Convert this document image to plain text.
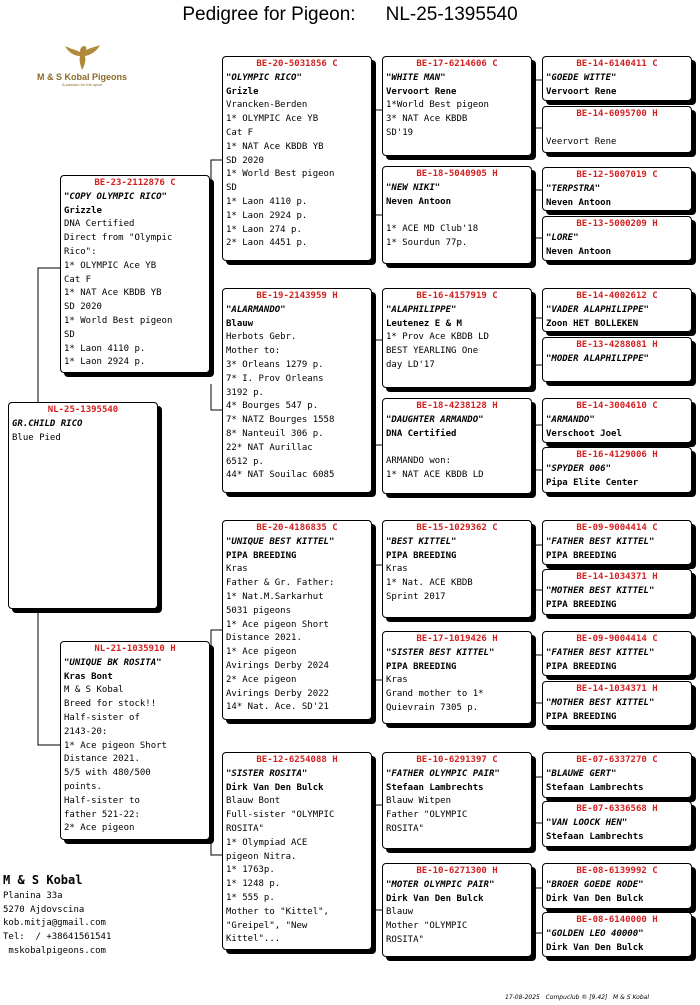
Pedigree for Pigeon: NL-25-1395540
M & S Kobal Pigeons
A passion for the sport
NL-25-1395540
GR.CHILD RICO
Blue Pied
BE-23-2112876 C
"COPY OLYMPIC RICO"
Grizzle
DNA Certified
Direct from "Olympic
Rico":
1* OLYMPIC Ace YB
Cat F
1* NAT Ace KBDB YB
SD 2020
1* World Best pigeon
SD
1* Laon 4110 p.
1* Laon 2924 p.
NL-21-1035910 H
"UNIQUE BK ROSITA"
Kras Bont
M & S Kobal
Breed for stock!!
Half-sister of
2143-20:
1* Ace pigeon Short
Distance 2021.
5/5 with 480/500
points.
Half-sister to
father 521-22:
2* Ace pigeon
BE-20-5031856 C
"OLYMPIC RICO"
Grizle
Vrancken-Berden
1* OLYMPIC Ace YB
Cat F
1* NAT Ace KBDB YB
SD 2020
1* World Best pigeon
SD
1* Laon 4110 p.
1* Laon 2924 p.
1* Laon 274 p.
2* Laon 4451 p.
BE-19-2143959 H
"ALARMANDO"
Blauw
Herbots Gebr.
Mother to:
3* Orleans 1279 p.
7* I. Prov Orleans
3192 p.
4* Bourges 547 p.
7* NATZ Bourges 1558
8* Nanteuil 306 p.
22* NAT Aurillac
6512 p.
44* NAT Souilac 6085
BE-20-4186835 C
"UNIQUE BEST KITTEL"
PIPA BREEDING
Kras
Father & Gr. Father:
1* Nat.M.Sarkarhut
5031 pigeons
1* Ace pigeon Short
Distance 2021.
1* Ace pigeon
Avirings Derby 2024
2* Ace pigeon
Avirings Derby 2022
14* Nat. Ace. SD'21
BE-12-6254088 H
"SISTER ROSITA"
Dirk Van Den Bulck
Blauw Bont
Full-sister "OLYMPIC
ROSITA"
1* Olympiad ACE
pigeon Nitra.
1* 1763p.
1* 1248 p.
1* 555 p.
Mother to "Kittel",
"Greipel", "New
Kittel"...
BE-17-6214606 C
"WHITE MAN"
Vervoort Rene
1*World Best pigeon
3* NAT Ace KBDB
SD'19
BE-18-5040905 H
"NEW NIKI"
Neven Antoon

1* ACE MD Club'18
1* Sourdun 77p.
BE-16-4157919 C
"ALAPHILIPPE"
Leutenez E & M
1* Prov Ace KBDB LD
BEST YEARLING One
day LD'17
BE-18-4238128 H
"DAUGHTER ARMANDO"
DNA Certified

ARMANDO won:
1* NAT ACE KBDB LD
BE-15-1029362 C
"BEST KITTEL"
PIPA BREEDING
Kras
1* Nat. ACE KBDB
Sprint 2017
BE-17-1019426 H
"SISTER BEST KITTEL"
PIPA BREEDING
Kras
Grand mother to 1*
Quievrain 7305 p.
BE-10-6291397 C
"FATHER OLYMPIC PAIR"
Stefaan Lambrechts
Blauw Witpen
Father "OLYMPIC
ROSITA"
BE-10-6271300 H
"MOTER OLYMPIC PAIR"
Dirk Van Den Bulck
Blauw
Mother "OLYMPIC
ROSITA"
BE-14-6140411 C
"GOEDE WITTE"
Vervoort Rene
BE-14-6095700 H

Veervort Rene
BE-12-5007019 C
"TERPSTRA"
Neven Antoon
BE-13-5000209 H
"LORE"
Neven Antoon
BE-14-4002612 C
"VADER ALAPHILIPPE"
Zoon HET BOLLEKEN
BE-13-4288081 H
"MODER ALAPHILIPPE"
BE-14-3004610 C
"ARMANDO"
Verschoot Joel
BE-16-4129006 H
"SPYDER 006"
Pipa Elite Center
BE-09-9004414 C
"FATHER BEST KITTEL"
PIPA BREEDING
BE-14-1034371 H
"MOTHER BEST KITTEL"
PIPA BREEDING
BE-09-9004414 C
"FATHER BEST KITTEL"
PIPA BREEDING
BE-14-1034371 H
"MOTHER BEST KITTEL"
PIPA BREEDING
BE-07-6337270 C
"BLAUWE GERT"
Stefaan Lambrechts
BE-07-6336568 H
"VAN LOOCK HEN"
Stefaan Lambrechts
BE-08-6139992 C
"BROER GOEDE RODE"
Dirk Van Den Bulck
BE-08-6140000 H
"GOLDEN LEO 40000"
Dirk Van Den Bulck
M & S Kobal
Planina 33a
5270 Ajdovscina
kob.mitja@gmail.com
Tel:  / +38641561541
mskobalpigeons.com
17-08-2025   Compuclub ® [9.42]   M & S Kobal
